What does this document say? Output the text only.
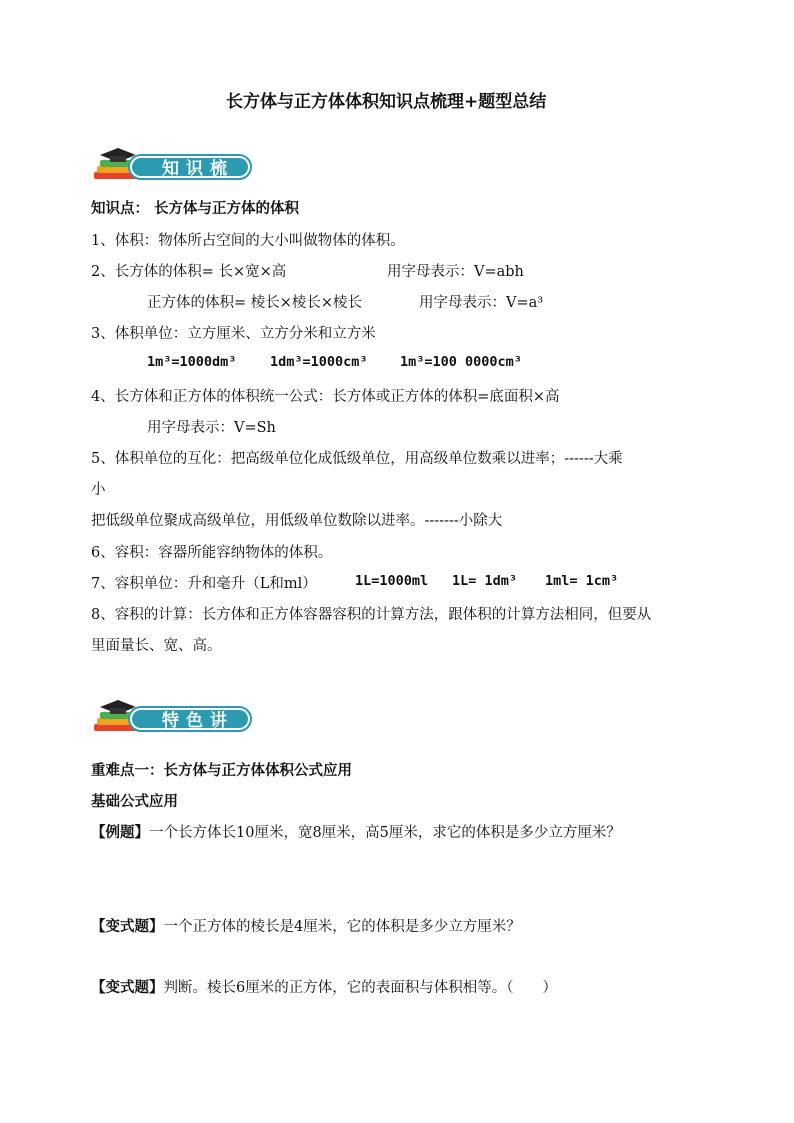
长方体与正方体体积知识点梳理+题型总结
知识梳理
知识点： 长方体与正方体的体积
1、体积：物体所占空间的大小叫做物体的体积。
2、长方体的体积= 长×宽×高	用字母表示：V=abh
正方体的体积= 棱长×棱长×棱长	用字母表示：V=a³
3、体积单位：立方厘米、立方分米和立方米
1m³=1000dm³ 1dm³=1000cm³ 1m³=100 0000cm³
4、长方体和正方体的体积统一公式：长方体或正方体的体积=底面积×高
用字母表示：V=Sh
5、体积单位的互化：把高级单位化成低级单位，用高级单位数乘以进率；------大乘
小
把低级单位聚成高级单位，用低级单位数除以进率。-------小除大
6、容积：容器所能容纳物体的体积。
7、容积单位：升和毫升（L和ml）	1L=1000ml 1L= 1dm³ 1ml= 1cm³
8、容积的计算：长方体和正方体容器容积的计算方法，跟体积的计算方法相同，但要从
里面量长、宽、高。
特色讲解
重难点一：长方体与正方体体积公式应用
基础公式应用
【例题】一个长方体长10厘米，宽8厘米，高5厘米，求它的体积是多少立方厘米？
【变式题】一个正方体的棱长是4厘米，它的体积是多少立方厘米？
【变式题】判断。棱长6厘米的正方体，它的表面积与体积相等。（　　）
